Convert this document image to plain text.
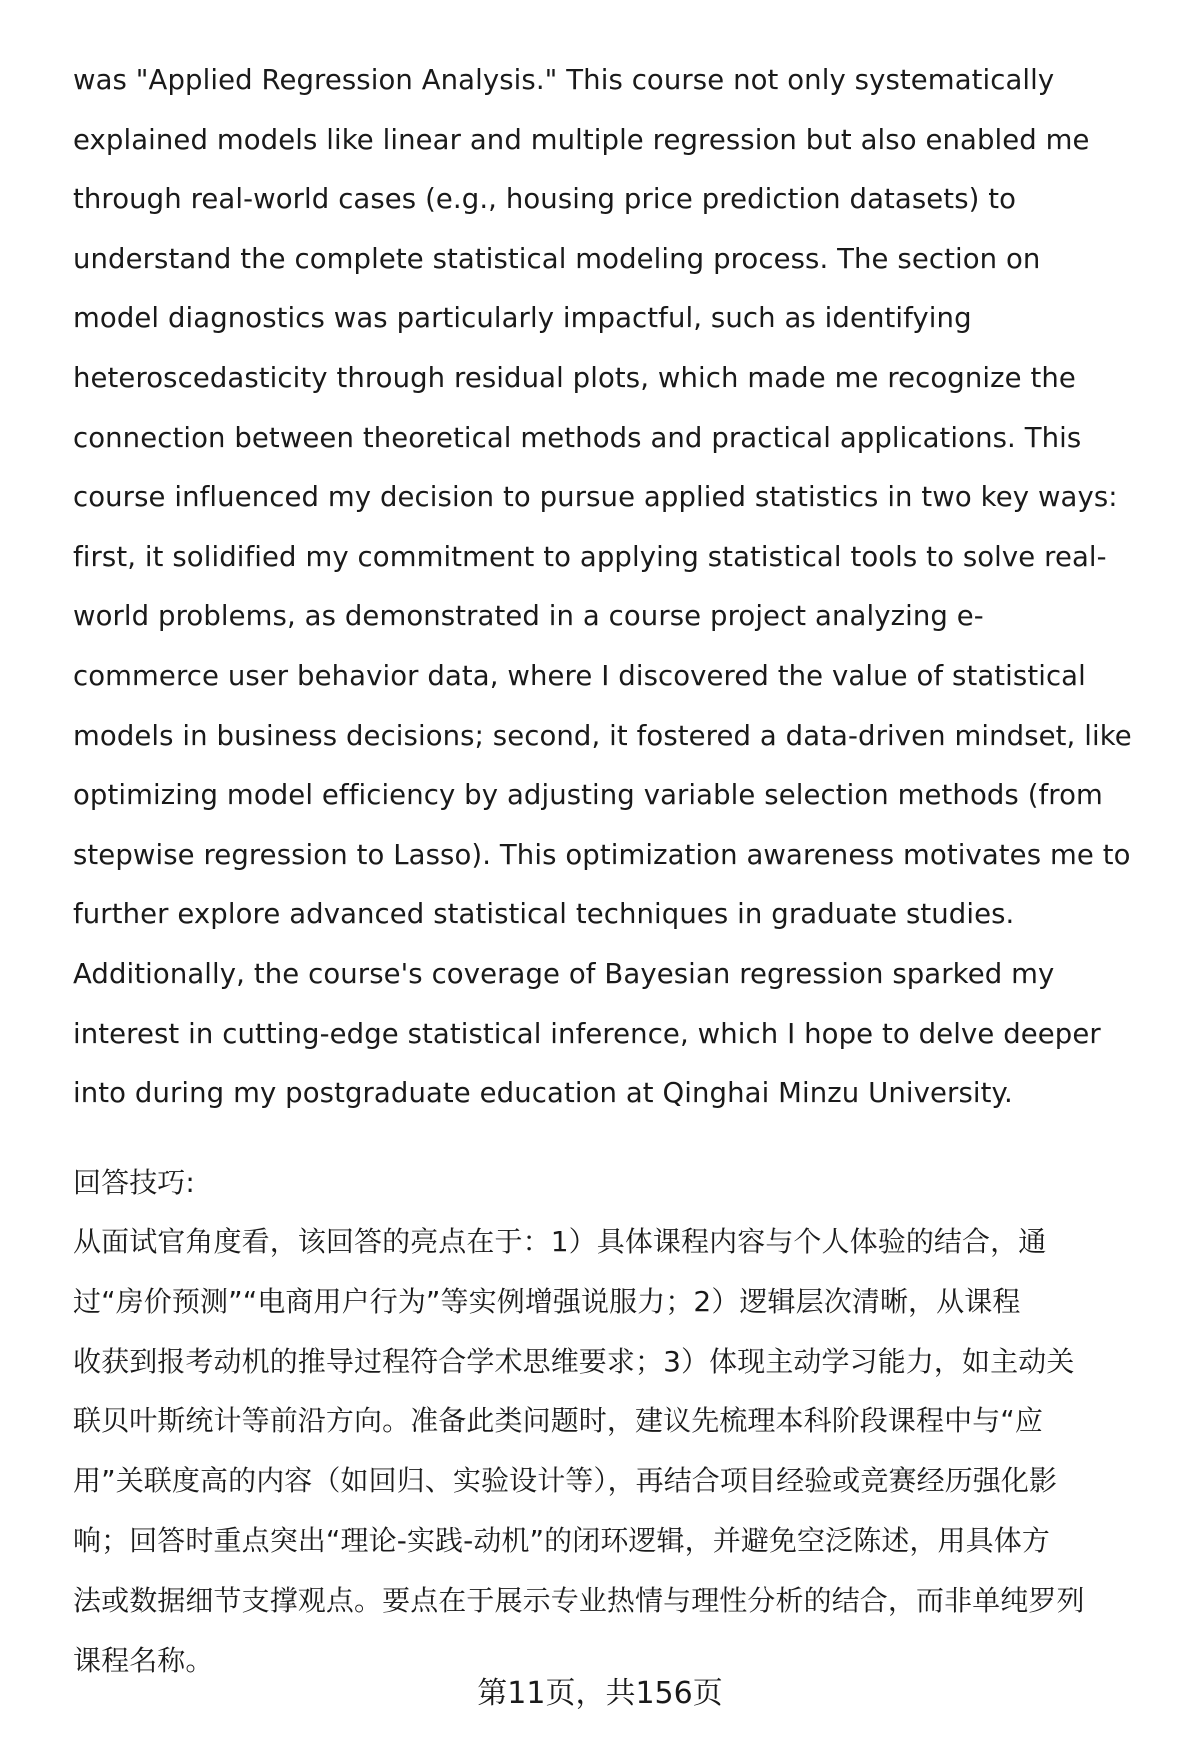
was "Applied Regression Analysis." This course not only systematically
explained models like linear and multiple regression but also enabled me
through real-world cases (e.g., housing price prediction datasets) to
understand the complete statistical modeling process. The section on
model diagnostics was particularly impactful, such as identifying
heteroscedasticity through residual plots, which made me recognize the
connection between theoretical methods and practical applications. This
course influenced my decision to pursue applied statistics in two key ways:
first, it solidified my commitment to applying statistical tools to solve real-
world problems, as demonstrated in a course project analyzing e-
commerce user behavior data, where I discovered the value of statistical
models in business decisions; second, it fostered a data-driven mindset, like
optimizing model efficiency by adjusting variable selection methods (from
stepwise regression to Lasso). This optimization awareness motivates me to
further explore advanced statistical techniques in graduate studies.
Additionally, the course's coverage of Bayesian regression sparked my
interest in cutting-edge statistical inference, which I hope to delve deeper
into during my postgraduate education at Qinghai Minzu University.
从面试官角度看，该回答的亮点在于：1）具体课程内容与个人体验的结合，通
过“房价预测”“电商用户行为”等实例增强说服力；2）逻辑层次清晰，从课程
收获到报考动机的推导过程符合学术思维要求；3）体现主动学习能力，如主动关
联贝叶斯统计等前沿方向。准备此类问题时，建议先梳理本科阶段课程中与“应
用”关联度高的内容（如回归、实验设计等），再结合项目经验或竞赛经历强化影
响；回答时重点突出“理论-实践-动机”的闭环逻辑，并避免空泛陈述，用具体方
法或数据细节支撑观点。要点在于展示专业热情与理性分析的结合，而非单纯罗列
课程名称。
回答技巧:
第11页，共156页
